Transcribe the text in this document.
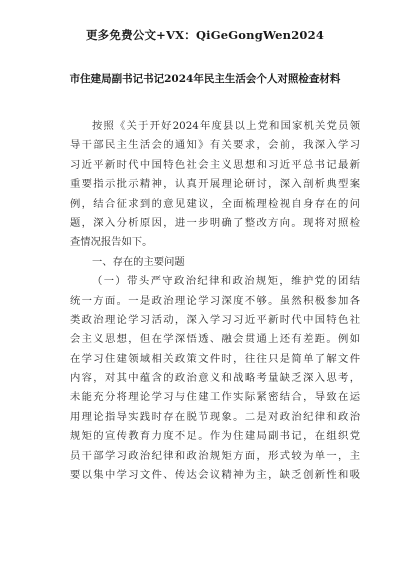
更多免费公文+VX：QiGeGongWen2024
市住建局副书记书记2024年民主生活会个人对照检查材料
按照《关于开好2024年度县以上党和国家机关党员领
导干部民主生活会的通知》有关要求，会前，我深入学习
习近平新时代中国特色社会主义思想和习近平总书记最新
重要指示批示精神，认真开展理论研讨，深入剖析典型案
例，结合征求到的意见建议，全面梳理检视自身存在的问
题，深入分析原因，进一步明确了整改方向。现将对照检
查情况报告如下。
一、存在的主要问题
（一）带头严守政治纪律和政治规矩，维护党的团结
统一方面。一是政治理论学习深度不够。虽然积极参加各
类政治理论学习活动，深入学习习近平新时代中国特色社
会主义思想，但在学深悟透、融会贯通上还有差距。例如
在学习住建领域相关政策文件时，往往只是简单了解文件
内容，对其中蕴含的政治意义和战略考量缺乏深入思考，
未能充分将理论学习与住建工作实际紧密结合，导致在运
用理论指导实践时存在脱节现象。二是对政治纪律和政治
规矩的宣传教育力度不足。作为住建局副书记，在组织党
员干部学习政治纪律和政治规矩方面，形式较为单一，主
要以集中学习文件、传达会议精神为主，缺乏创新性和吸
